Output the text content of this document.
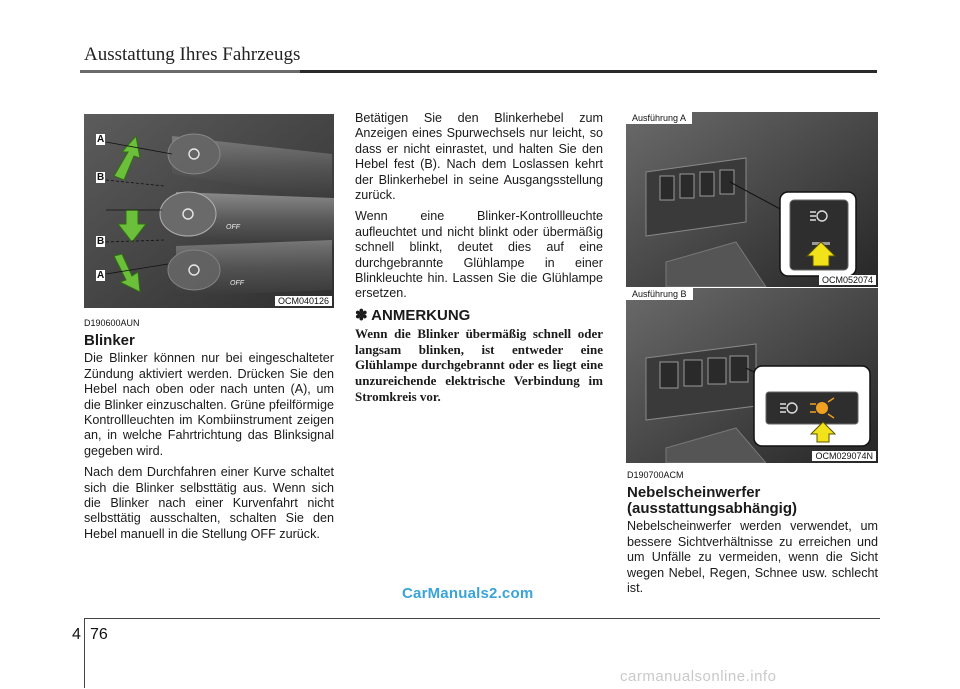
Ausstattung Ihres Fahrzeugs
A
B
B
A
OFF
OFF
OCM040126
D190600AUN
Blinker

Die Blinker können nur bei eingeschalteter Zündung aktiviert werden. Drücken Sie den Hebel nach oben oder nach unten (A), um die Blinker einzuschalten. Grüne pfeilförmige Kontrollleuchten im Kombiinstrument zeigen an, in welche Fahrtrichtung das Blinksignal gegeben wird.

Nach dem Durchfahren einer Kurve schaltet sich die Blinker selbsttätig aus. Wenn sich die Blinker nach einer Kurvenfahrt nicht selbsttätig ausschalten, schalten Sie den Hebel manuell in die Stellung OFF zurück.

Betätigen Sie den Blinkerhebel zum Anzeigen eines Spurwechsels nur leicht, so dass er nicht einrastet, und halten Sie den Hebel fest (B). Nach dem Loslassen kehrt der Blinkerhebel in seine Ausgangsstellung zurück.

Wenn eine Blinker-Kontrollleuchte aufleuchtet und nicht blinkt oder übermäßig schnell blinkt, deutet dies auf eine durchgebrannte Glühlampe in einer Blinkleuchte hin. Lassen Sie die Glühlampe ersetzen.

✽ ANMERKUNG
Wenn die Blinker übermäßig schnell oder langsam blinken, ist entweder eine Glühlampe durchgebrannt oder es liegt eine unzureichende elektrische Verbindung im Stromkreis vor.
Ausführung A
OCM052074
Ausführung B
OCM029074N
D190700ACM
Nebelscheinwerfer (ausstattungsabhängig)

Nebelscheinwerfer werden verwendet, um bessere Sichtverhältnisse zu erreichen und um Unfälle zu vermeiden, wenn die Sicht wegen Nebel, Regen, Schnee usw. schlecht ist.

CarManuals2.com
4 76
carmanualsonline.info
